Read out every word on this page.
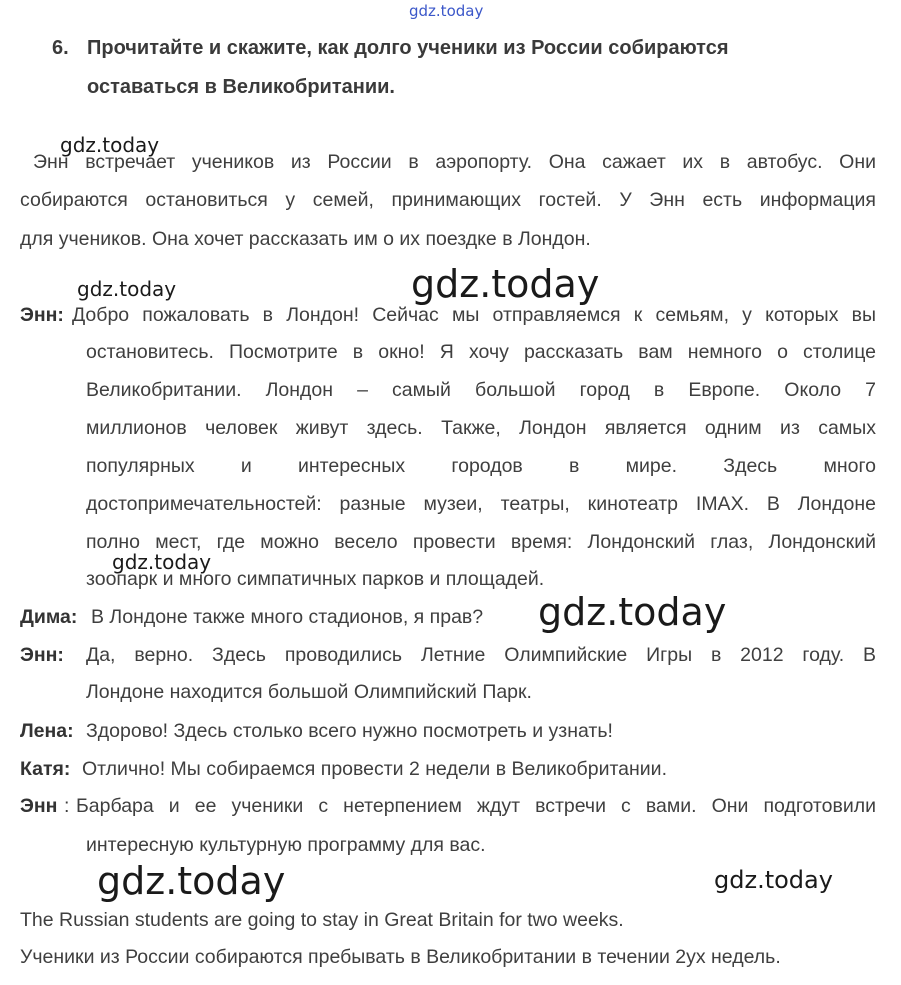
gdz.today
gdz.today
gdz.today	gdz.today
gdz.today
gdz.today
gdz.today	gdz.today
6. Прочитайте и скажите, как долго ученики из России собираются
оставаться в Великобритании.
Энн встречает учеников из России в аэропорту. Она сажает их в автобус. Они
собираются остановиться у семей, принимающих гостей. У Энн есть информация
для учеников. Она хочет рассказать им о их поездке в Лондон.
Энн: Добро пожаловать в Лондон! Сейчас мы отправляемся к семьям, у которых вы
остановитесь. Посмотрите в окно! Я хочу рассказать вам немного о столице
Великобритании. Лондон – самый большой город в Европе. Около 7
миллионов человек живут здесь. Также, Лондон является одним из самых
популярных и интересных городов в мире. Здесь много
достопримечательностей: разные музеи, театры, кинотеатр IMAX. В Лондоне
полно мест, где можно весело провести время: Лондонский глаз, Лондонский
зоопарк и много симпатичных парков и площадей.
Дима: В Лондоне также много стадионов, я прав?
Энн: Да, верно. Здесь проводились Летние Олимпийские Игры в 2012 году. В
Лондоне находится большой Олимпийский Парк.
Лена: Здорово! Здесь столько всего нужно посмотреть и узнать!
Катя: Отлично! Мы собираемся провести 2 недели в Великобритании.
Энн : Барбара и ее ученики с нетерпением ждут встречи с вами. Они подготовили
интересную культурную программу для вас.
The Russian students are going to stay in Great Britain for two weeks.
Ученики из России собираются пребывать в Великобритании в течении 2ух недель.
